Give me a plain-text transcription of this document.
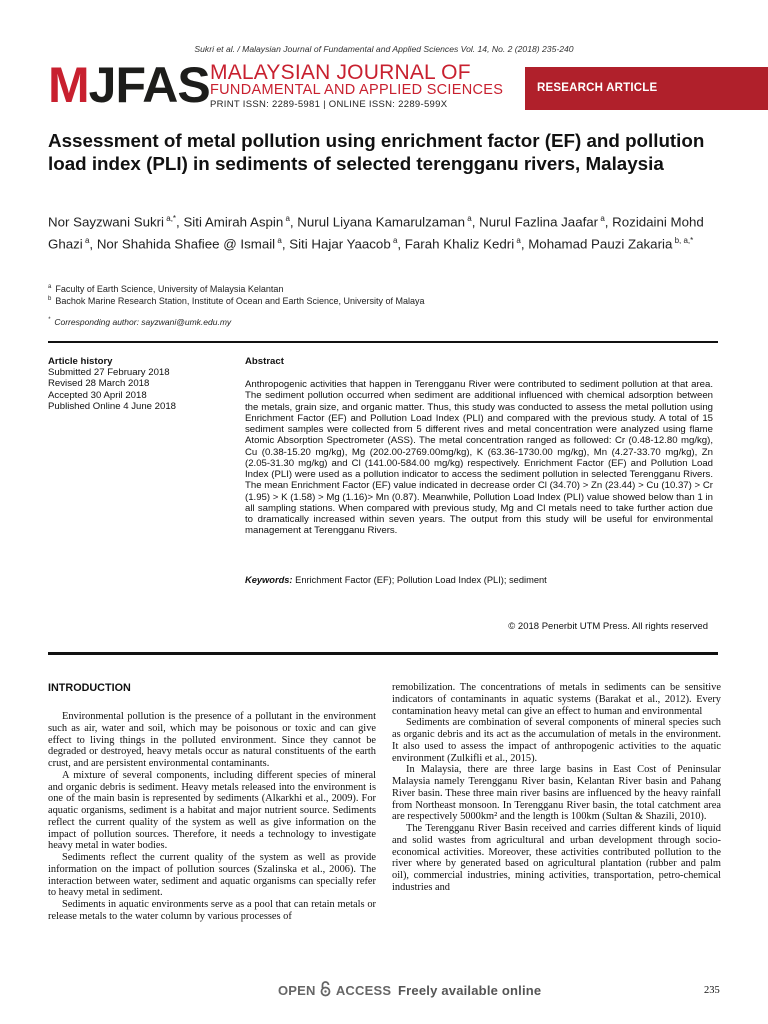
Sukri et al. / Malaysian Journal of Fundamental and Applied Sciences Vol. 14, No. 2 (2018) 235-240
MJFAS MALAYSIAN JOURNAL OF
FUNDAMENTAL AND APPLIED SCIENCES
PRINT ISSN: 2289-5981 | ONLINE ISSN: 2289-599X
RESEARCH ARTICLE
Assessment of metal pollution using enrichment factor (EF) and pollution load index (PLI) in sediments of selected terengganu rivers, Malaysia
Nor Sayzwani Sukri $^{a,*}$, Siti Amirah Aspin $^a$, Nurul Liyana Kamarulzaman $^a$, Nurul Fazlina Jaafar $^a$, Rozidaini Mohd Ghazi $^a$, Nor Shahida Shafiee @ Ismail $^a$, Siti Hajar Yaacob $^a$, Farah Khaliz Kedri $^a$, Mohamad Pauzi Zakaria $^{b, a,*}$
$^a$ Faculty of Earth Science, University of Malaysia Kelantan
$^b$ Bachok Marine Research Station, Institute of Ocean and Earth Science, University of Malaya
* Corresponding author: sayzwani@umk.edu.my
Article history
Submitted 27 February 2018
Revised 28 March 2018
Accepted 30 April 2018
Published Online 4 June 2018
Abstract
Anthropogenic activities that happen in Terengganu River were contributed to sediment pollution at that area. The sediment pollution occurred when sediment are additional influenced with chemical adsorption between the metals, grain size, and organic matter. Thus, this study was conducted to assess the metal pollution using Enrichment Factor (EF) and Pollution Load Index (PLI) and compared with the previous study. A total of 15 sediment samples were collected from 5 different rives and metal concentration were analyzed using flame Atomic Absorption Spectrometer (ASS). The metal concentration ranged as followed: Cr (0.48-12.80 mg/kg), Cu (0.38-15.20 mg/kg), Mg (202.00-2769.00mg/kg), K (63.36-1730.00 mg/kg), Mn (4.27-33.70 mg/kg), Zn (2.05-31.30 mg/kg) and Cl (141.00-584.00 mg/kg) respectively. Enrichment Factor (EF) and Pollution Load Index (PLI) were used as a pollution indicator to access the sediment pollution in selected Terengganu Rivers. The mean Enrichment Factor (EF) value indicated in decrease order Cl (34.70) > Zn (23.44) > Cu (10.37) > Cr (1.95) > K (1.58) > Mg (1.16)> Mn (0.87). Meanwhile, Pollution Load Index (PLI) value showed below than 1 in all sampling stations. When compared with previous study, Mg and Cl metals need to take further action due to dramatically increased within seven years. The output from this study will be useful for environmental management at Terengganu Rivers.
Keywords: Enrichment Factor (EF); Pollution Load Index (PLI); sediment
© 2018 Penerbit UTM Press. All rights reserved
INTRODUCTION

Environmental pollution is the presence of a pollutant in the environment such as air, water and soil, which may be poisonous or toxic and can give effect to living things in the polluted environment. Since they cannot be degraded or destroyed, heavy metals occur as natural constituents of the earth crust, and are persistent environmental contaminants.

A mixture of several components, including different species of mineral and organic debris is sediment. Heavy metals released into the environment is one of the main basin is represented by sediments (Alkarkhi et al., 2009). For aquatic organisms, sediment is a habitat and major nutrient source. Sediments reflect the current quality of the system as well as give information on the impact of pollution sources. Therefore, it needs a technology to investigate heavy metal in water bodies.

Sediments reflect the current quality of the system as well as provide information on the impact of pollution sources (Szalinska et al., 2006). The interaction between water, sediment and aquatic organisms can specially refer to heavy metal in sediment.

Sediments in aquatic environments serve as a pool that can retain metals or release metals to the water column by various processes of

remobilization. The concentrations of metals in sediments can be sensitive indicators of contaminants in aquatic systems (Barakat et al., 2012). Every contamination heavy metal can give an effect to human and environmental

Sediments are combination of several components of mineral species such as organic debris and its act as the accumulation of metals in the environment. It also used to assess the impact of anthropogenic activities to the aquatic environment (Zulkifli et al., 2015).

In Malaysia, there are three large basins in East Cost of Peninsular Malaysia namely Terengganu River basin, Kelantan River basin and Pahang River basin. These three main river basins are influenced by the heavy rainfall from Northeast monsoon. In Terengganu River basin, the total catchment area are respectively 5000km² and the length is 100km (Sultan & Shazili, 2010).

The Terengganu River Basin received and carries different kinds of liquid and solid wastes from agricultural and urban development through socio-economical activities. Moreover, these activities contributed pollution to the river where by generated based on agricultural plantation (rubber and palm oil), commercial industries, mining activities, transportation, petro-chemical industries and

OPEN ACCESS Freely available online	235
